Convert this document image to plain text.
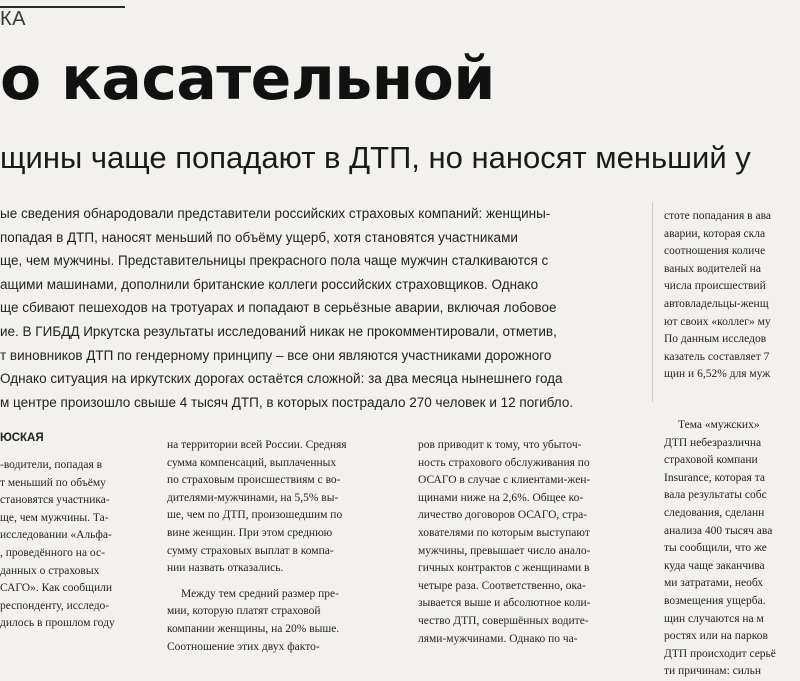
КА
о касательной
щины чаще попадают в ДТП, но наносят меньший у
ые сведения обнародовали представители российских страховых компаний: женщины-
попадая в ДТП, наносят меньший по объёму ущерб, хотя становятся участниками
ще, чем мужчины. Представительницы прекрасного пола чаще мужчин сталкиваются с
ащими машинами, дополнили британские коллеги российских страховщиков. Однако
ще сбивают пешеходов на тротуарах и попадают в серьёзные аварии, включая лобовое
ие. В ГИБДД Иркутска результаты исследований никак не прокомментировали, отметив,
т виновников ДТП по гендерному принципу – все они являются участниками дорожного
Однако ситуация на иркутских дорогах остаётся сложной: за два месяца нынешнего года
м центре произошло свыше 4 тысяч ДТП, в которых пострадало 270 человек и 12 погибло.
стоте попадания в ава
аварии, которая скла
соотношения количе
ваных водителей на
числа происшествий
автовладельцы-женщ
ют своих «коллег» му
По данным исследов
казатель составляет 7
щин и 6,52% для муж
ЮСКАЯ
-водители, попадая в
т меньший по объёму
становятся участника-
ще, чем мужчины. Та-
исследовании «Альфа-
, проведённого на ос-
данных о страховых
САГО». Как сообщили
респонденту, исследо-
дилось в прошлом году
на территории всей России. Средняя
сумма компенсаций, выплаченных
по страховым происшествиям с во-
дителями-мужчинами, на 5,5% вы-
ше, чем по ДТП, произошедшим по
вине женщин. При этом среднюю
сумму страховых выплат в компа-
нии назвать отказались.
Между тем средний размер пре-
мии, которую платят страховой
компании женщины, на 20% выше.
Соотношение этих двух факто-
ров приводит к тому, что убыточ-
ность страхового обслуживания по
ОСАГО в случае с клиентами-жен-
щинами ниже на 2,6%. Общее ко-
личество договоров ОСАГО, стра-
хователями по которым выступают
мужчины, превышает число анало-
гичных контрактов с женщинами в
четыре раза. Соответственно, ока-
зывается выше и абсолютное коли-
чество ДТП, совершённых водите-
лями-мужчинами. Однако по ча-
Тема «мужских»
ДТП небезразлична
страховой компани
Insurance, которая та
вала результаты собс
следования, сделанн
анализа 400 тысяч ава
ты сообщили, что же
куда чаще заканчива
ми затратами, необх
возмещения ущерба.
щин случаются на м
ростях или на парков
ДТП происходит серьё
ти причинам: сильн
